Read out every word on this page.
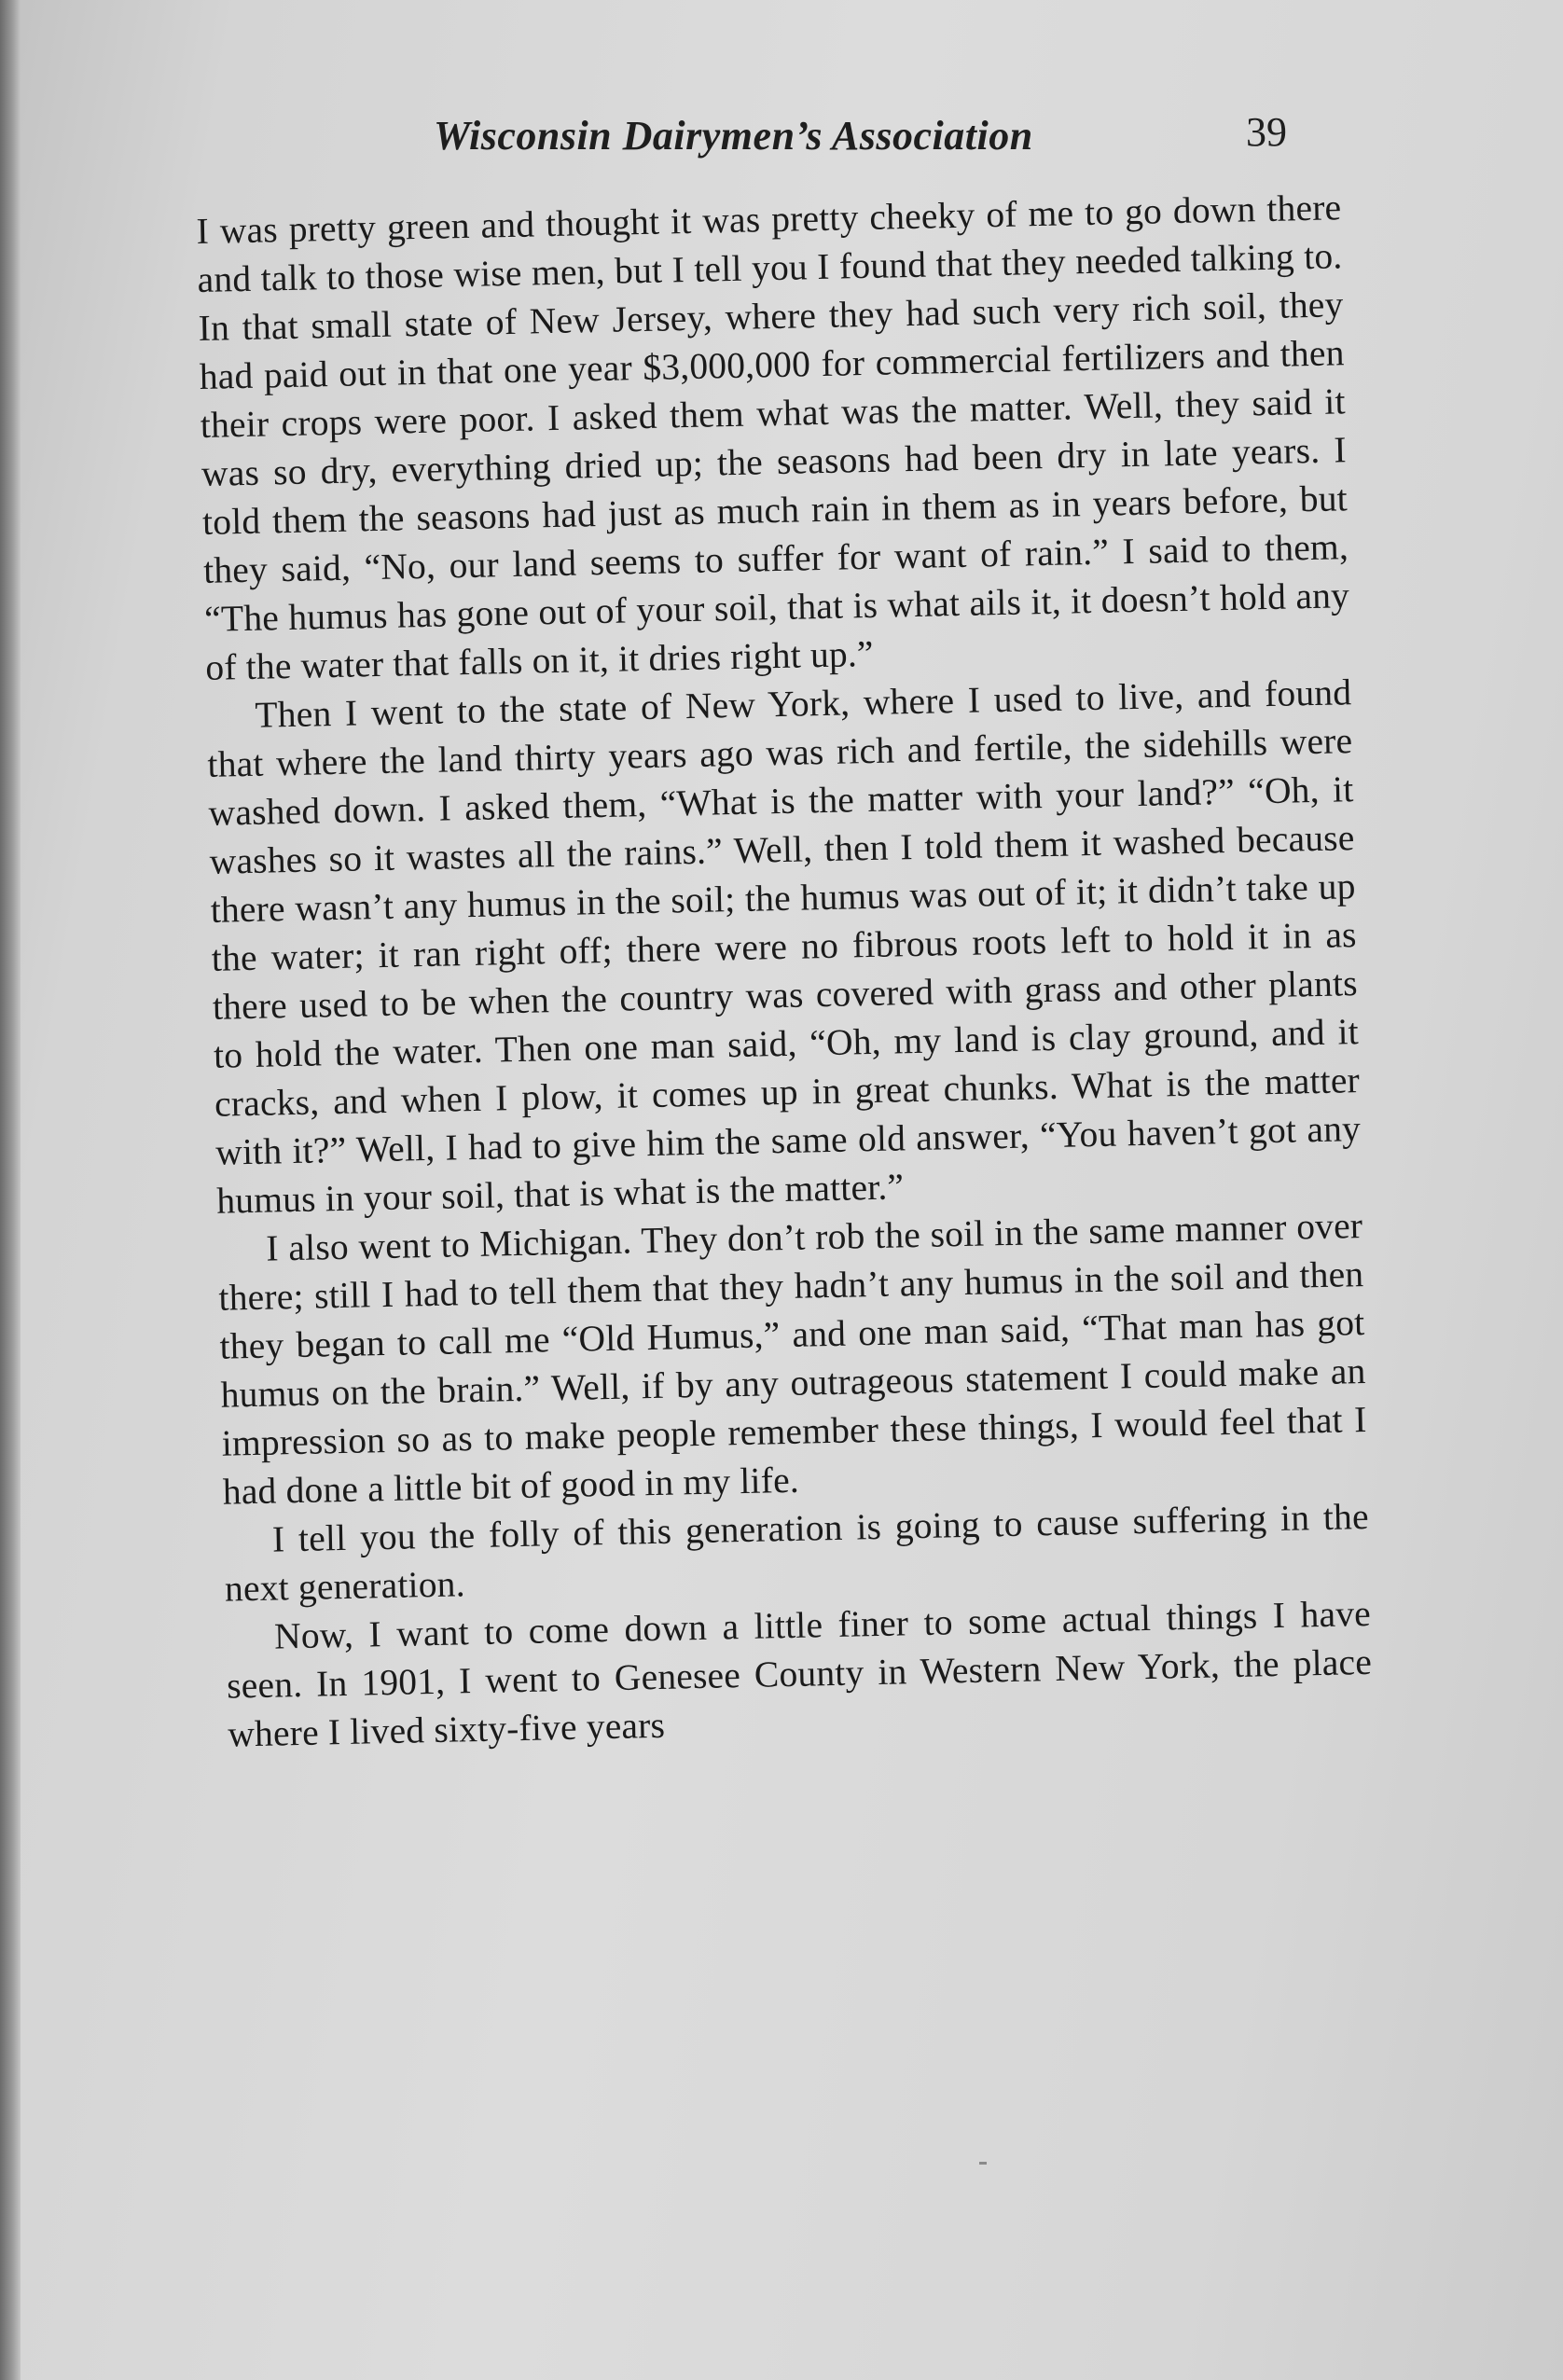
Wisconsin Dairymen’s Association	39

I was pretty green and thought it was pretty cheeky of me to go down there and talk to those wise men, but I tell you I found that they needed talking to. In that small state of New Jersey, where they had such very rich soil, they had paid out in that one year $3,000,000 for commercial fertilizers and then their crops were poor. I asked them what was the matter. Well, they said it was so dry, everything dried up; the seasons had been dry in late years. I told them the seasons had just as much rain in them as in years before, but they said, “No, our land seems to suffer for want of rain.” I said to them, “The humus has gone out of your soil, that is what ails it, it doesn’t hold any of the water that falls on it, it dries right up.”

Then I went to the state of New York, where I used to live, and found that where the land thirty years ago was rich and fertile, the sidehills were washed down. I asked them, “What is the matter with your land?” “Oh, it washes so it wastes all the rains.” Well, then I told them it washed because there wasn’t any humus in the soil; the humus was out of it; it didn’t take up the water; it ran right off; there were no fibrous roots left to hold it in as there used to be when the country was covered with grass and other plants to hold the water. Then one man said, “Oh, my land is clay ground, and it cracks, and when I plow, it comes up in great chunks. What is the matter with it?” Well, I had to give him the same old answer, “You haven’t got any humus in your soil, that is what is the matter.”

I also went to Michigan. They don’t rob the soil in the same manner over there; still I had to tell them that they hadn’t any humus in the soil and then they began to call me “Old Humus,” and one man said, “That man has got humus on the brain.” Well, if by any outrageous statement I could make an impression so as to make people remember these things, I would feel that I had done a little bit of good in my life.

I tell you the folly of this generation is going to cause suffering in the next generation.

Now, I want to come down a little finer to some actual things I have seen. In 1901, I went to Genesee County in Western New York, the place where I lived sixty-five years
